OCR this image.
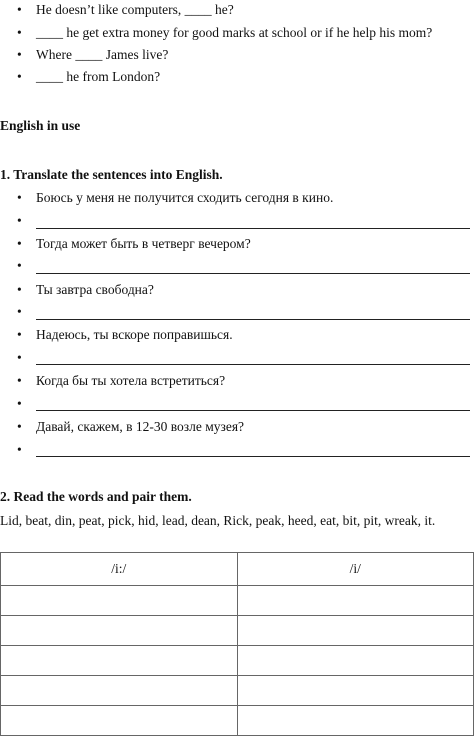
• He doesn’t like computers, ____ he?
• ____ he get extra money for good marks at school or if he help his mom?
• Where ____ James live?
• ____ he from London?
English in use
1. Translate the sentences into English.
• Боюсь у меня не получится сходить сегодня в кино.
•
• Тогда может быть в четверг вечером?
•
• Ты завтра свободна?
•
• Надеюсь, ты вскоре поправишься.
•
• Когда бы ты хотела встретиться?
•
• Давай, скажем, в 12-30 возле музея?
•
2. Read the words and pair them.
Lid, beat, din, peat, pick, hid, lead, dean, Rick, peak, heed, eat, bit, pit, wreak, it.
/i:/	/i/
